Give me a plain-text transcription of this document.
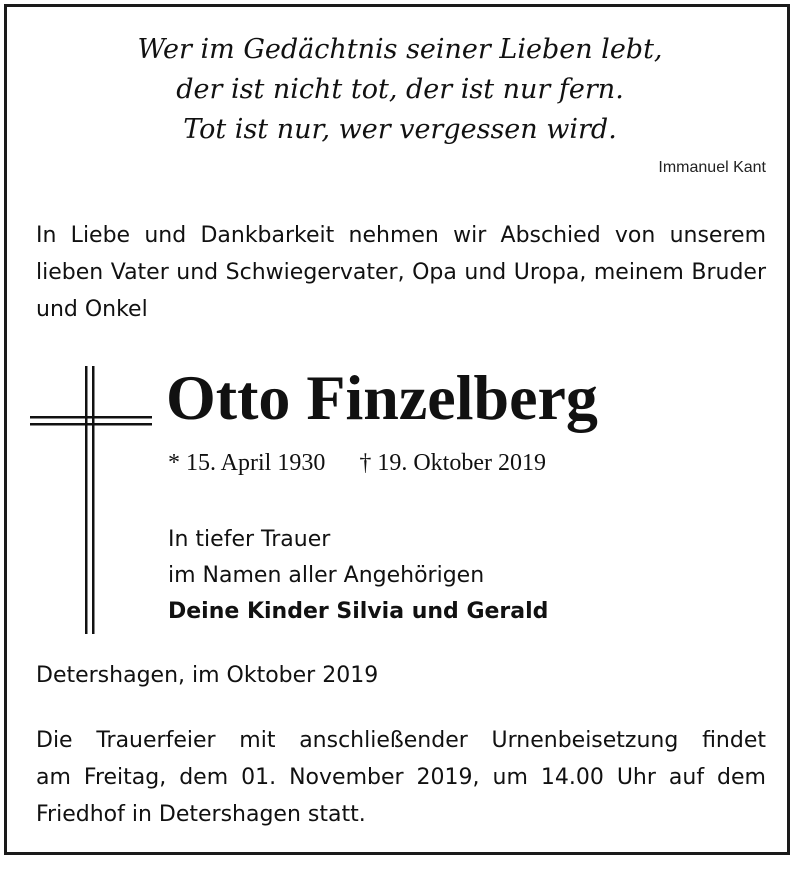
Wer im Gedächtnis seiner Lieben lebt,
der ist nicht tot, der ist nur fern.
Tot ist nur, wer vergessen wird.
Immanuel Kant
In Liebe und Dankbarkeit nehmen wir Abschied von unserem lieben Vater und Schwiegervater, Opa und Uropa, meinem Bruder und Onkel
Otto Finzelberg
* 15. April 1930 † 19. Oktober 2019
In tiefer Trauer
im Namen aller Angehörigen
Deine Kinder Silvia und Gerald
Detershagen, im Oktober 2019
Die Trauerfeier mit anschließender Urnenbeisetzung findet
am Freitag, dem 01. November 2019, um 14.00 Uhr auf dem
Friedhof in Detershagen statt.
